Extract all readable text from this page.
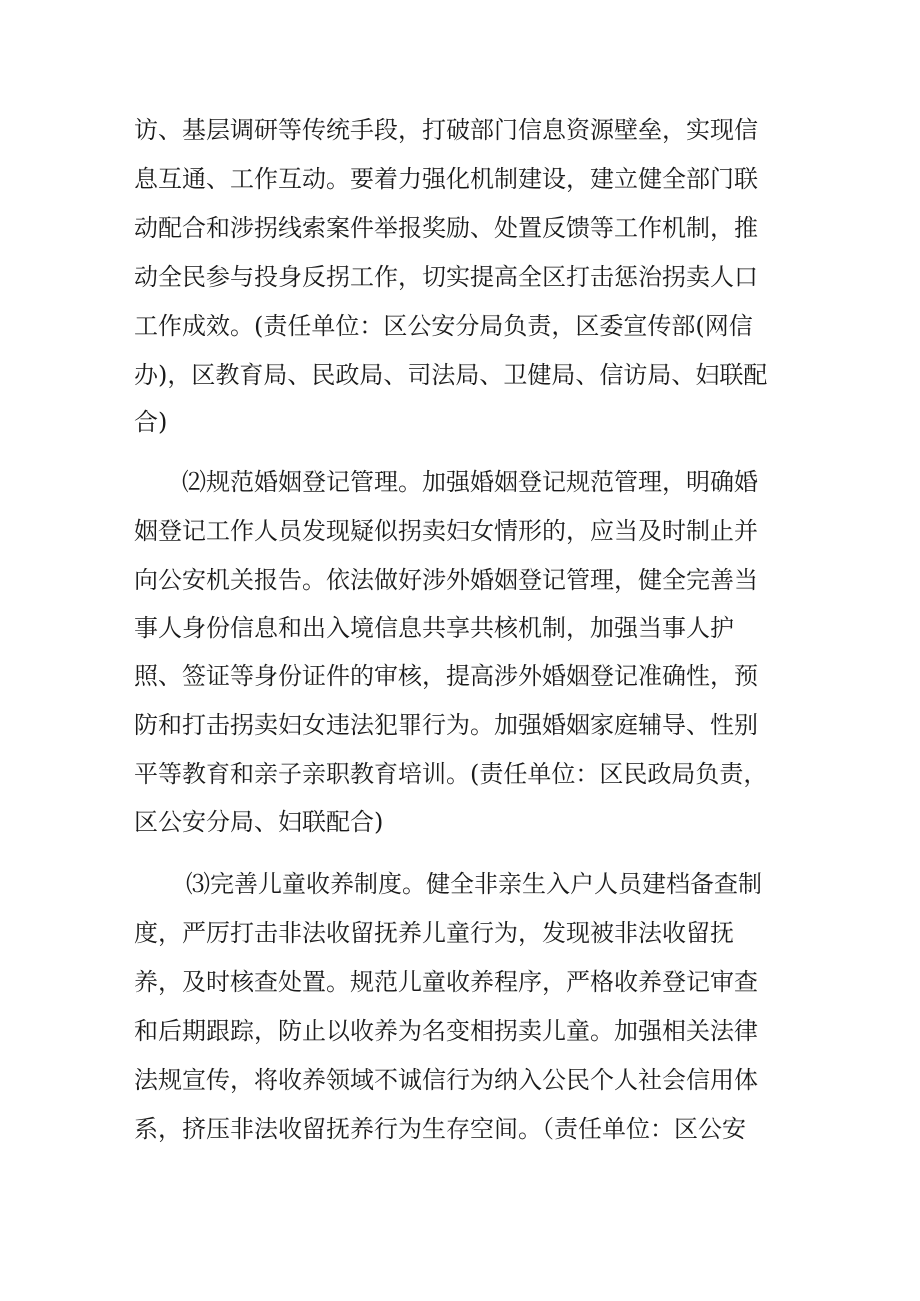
访、基层调研等传统手段，打破部门信息资源壁垒，实现信
息互通、工作互动。要着力强化机制建设，建立健全部门联
动配合和涉拐线索案件举报奖励、处置反馈等工作机制，推
动全民参与投身反拐工作，切实提高全区打击惩治拐卖人口
工作成效。(责任单位：区公安分局负责，区委宣传部(网信
办)，区教育局、民政局、司法局、卫健局、信访局、妇联配
合)
⑵规范婚姻登记管理。加强婚姻登记规范管理，明确婚
姻登记工作人员发现疑似拐卖妇女情形的，应当及时制止并
向公安机关报告。依法做好涉外婚姻登记管理，健全完善当
事人身份信息和出入境信息共享共核机制，加强当事人护
照、签证等身份证件的审核，提高涉外婚姻登记准确性，预
防和打击拐卖妇女违法犯罪行为。加强婚姻家庭辅导、性别
平等教育和亲子亲职教育培训。(责任单位：区民政局负责，
区公安分局、妇联配合)
⑶完善儿童收养制度。健全非亲生入户人员建档备查制
度，严厉打击非法收留抚养儿童行为，发现被非法收留抚
养，及时核查处置。规范儿童收养程序，严格收养登记审查
和后期跟踪，防止以收养为名变相拐卖儿童。加强相关法律
法规宣传，将收养领域不诚信行为纳入公民个人社会信用体
系，挤压非法收留抚养行为生存空间。（责任单位：区公安
